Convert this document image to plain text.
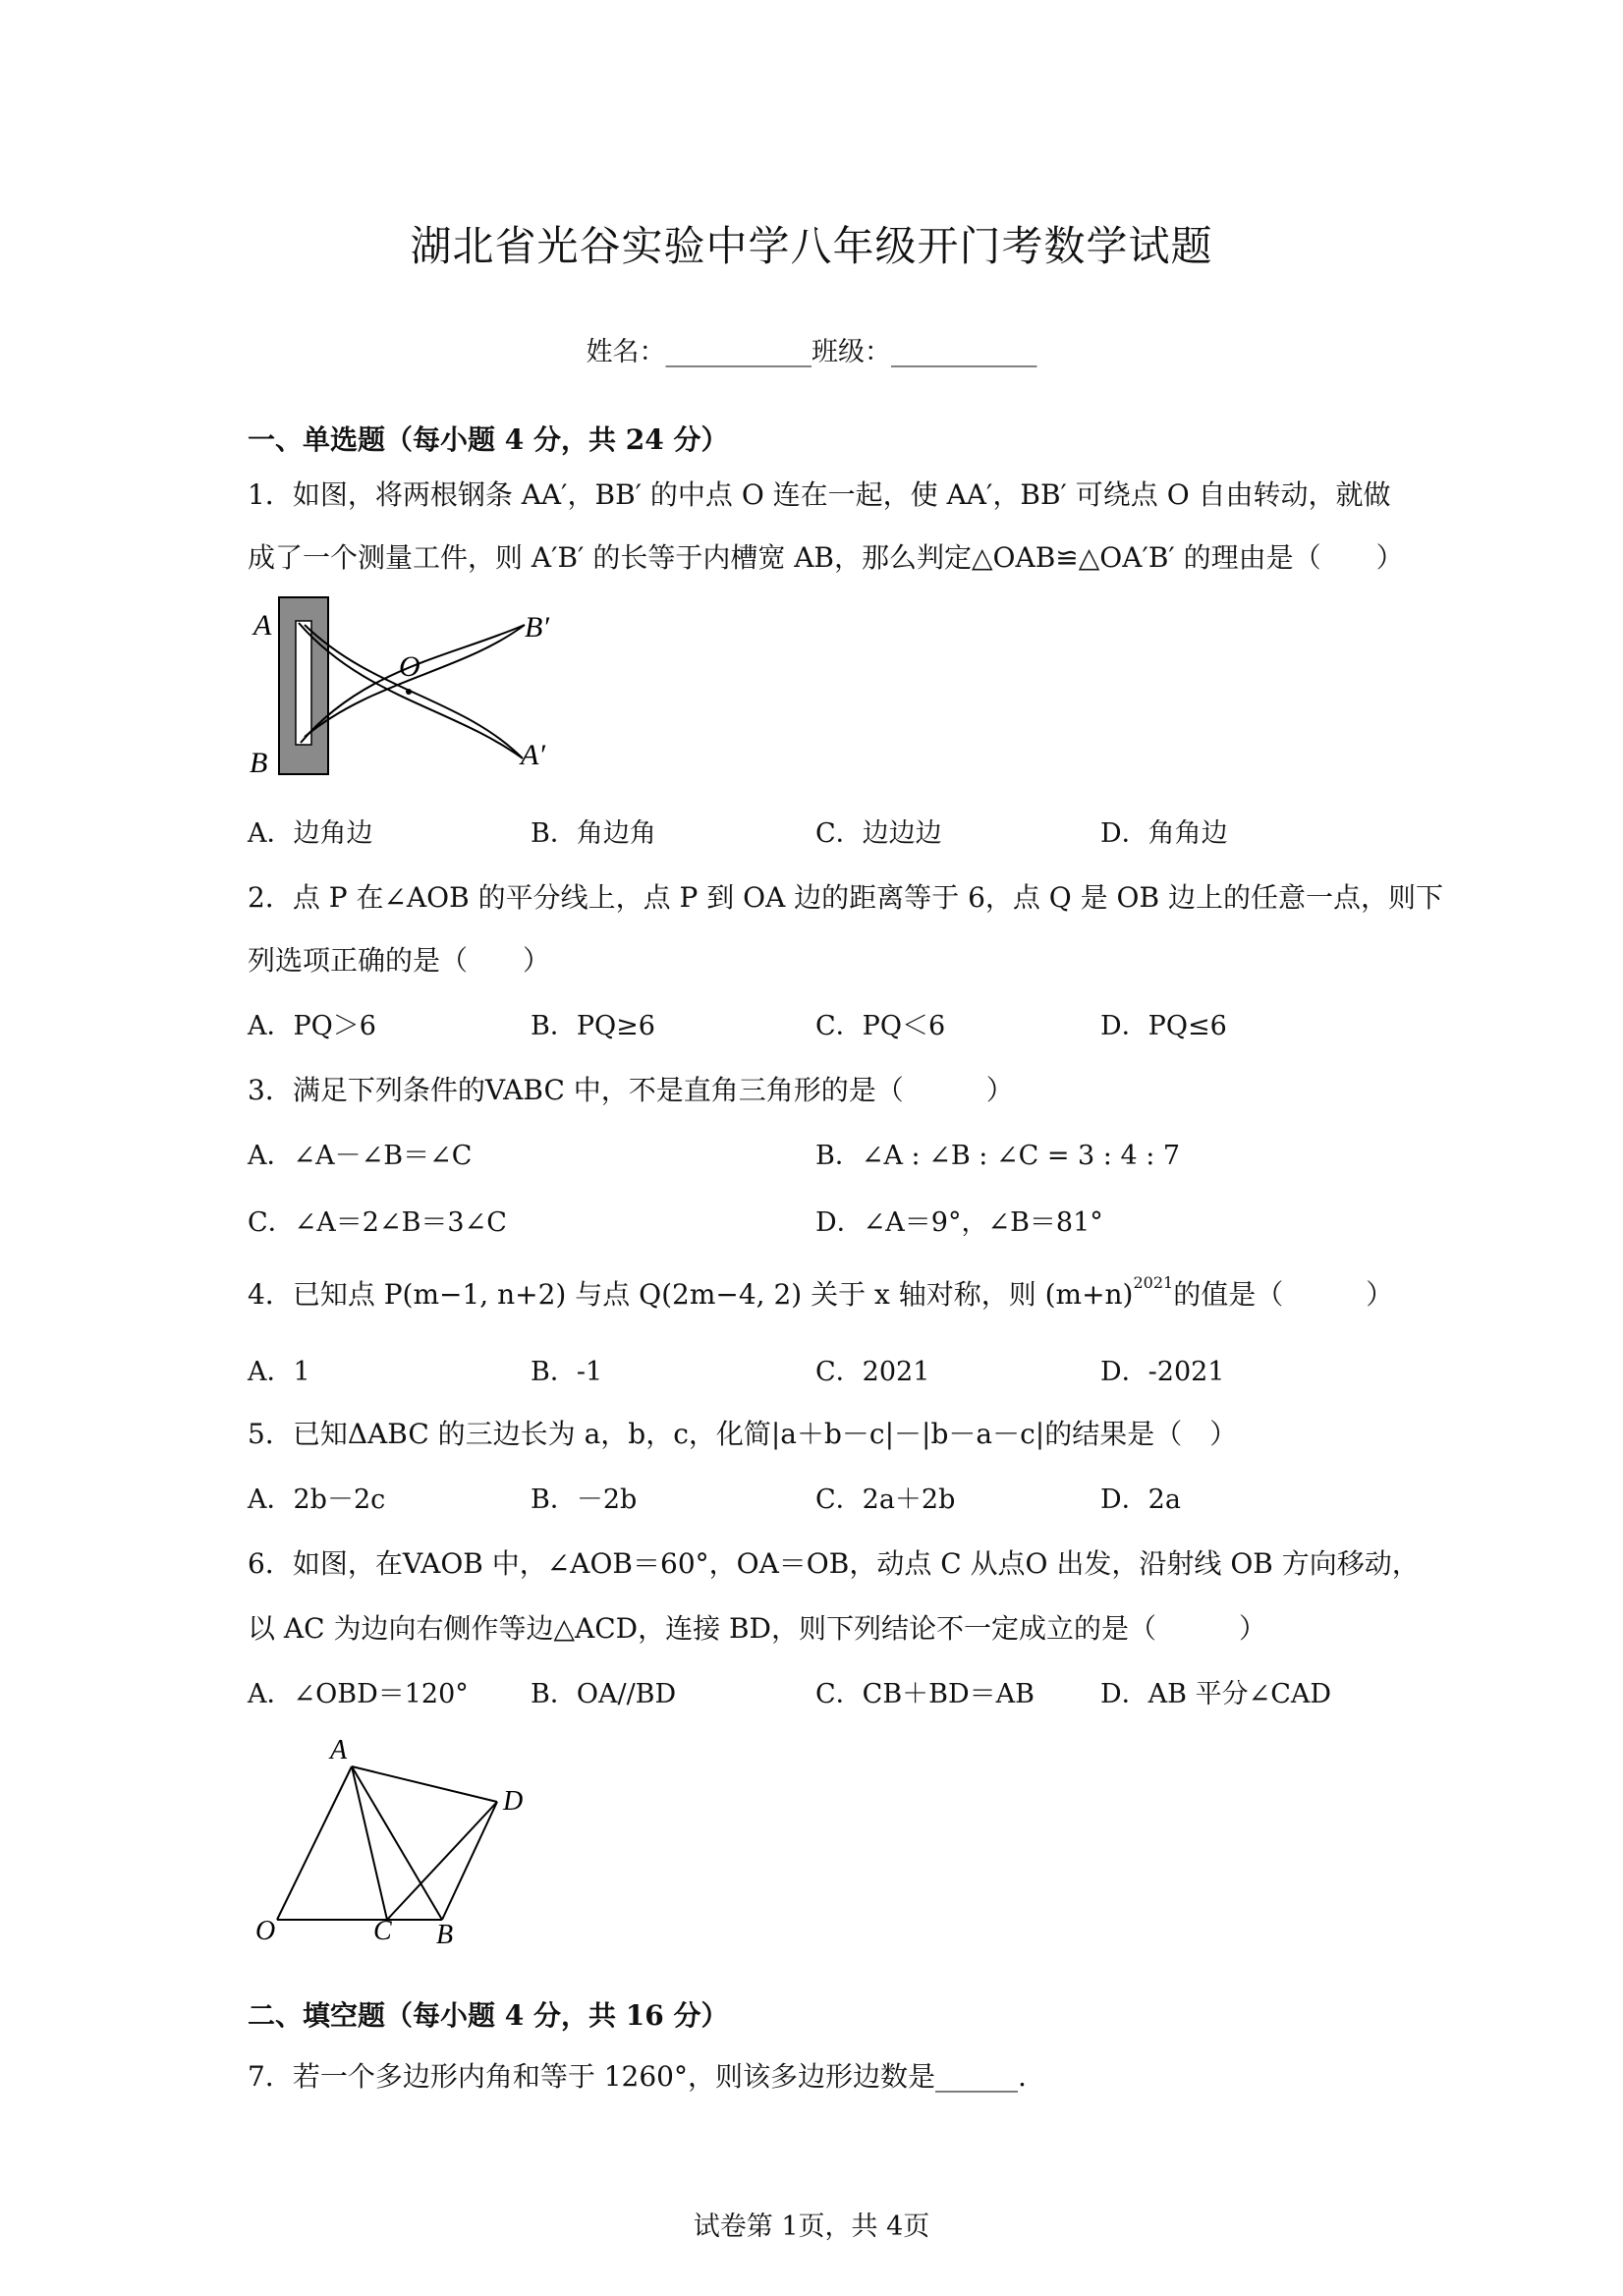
湖北省光谷实验中学八年级开门考数学试题
姓名：___________班级：___________
一、单选题（每小题 4 分，共 24 分）
1．如图，将两根钢条 AA′，BB′ 的中点 O 连在一起，使 AA′，BB′ 可绕点 O 自由转动，就做
成了一个测量工件，则 A′B′ 的长等于内槽宽 AB，那么判定△OAB≌△OA′B′ 的理由是（　　）
A
B
O
B′
A′
A．边角边	B．角边角	C．边边边	D．角角边
2．点 P 在∠AOB 的平分线上，点 P 到 OA 边的距离等于 6，点 Q 是 OB 边上的任意一点，则下
列选项正确的是（　　）
A．PQ＞6	B．PQ≥6	C．PQ＜6	D．PQ≤6
3．满足下列条件的VABC 中，不是直角三角形的是（　　　）
A．∠A－∠B＝∠C	B．∠A : ∠B : ∠C = 3 : 4 : 7
C．∠A＝2∠B＝3∠C	D．∠A＝9°，∠B＝81°
4．已知点 P(m−1, n+2) 与点 Q(2m−4, 2) 关于 x 轴对称，则 $(m+n)^{2021}$的值是（　　　）
A．1	B．-1	C．2021	D．-2021
5．已知ΔABC 的三边长为 a，b，c，化简|a＋b－c|－|b－a－c|的结果是（　）
A．2b－2c	B．－2b	C．2a＋2b	D．2a
6．如图，在VAOB 中，∠AOB＝60°，OA＝OB，动点 C 从点O 出发，沿射线 OB 方向移动，
以 AC 为边向右侧作等边△ACD，连接 BD，则下列结论不一定成立的是（　　　）
A．∠OBD＝120° B．OA//BD	C．CB＋BD＝AB D．AB 平分∠CAD
A
D
O	C B
二、填空题（每小题 4 分，共 16 分）
7．若一个多边形内角和等于 1260°，则该多边形边数是______.
试卷第 1页，共 4页
